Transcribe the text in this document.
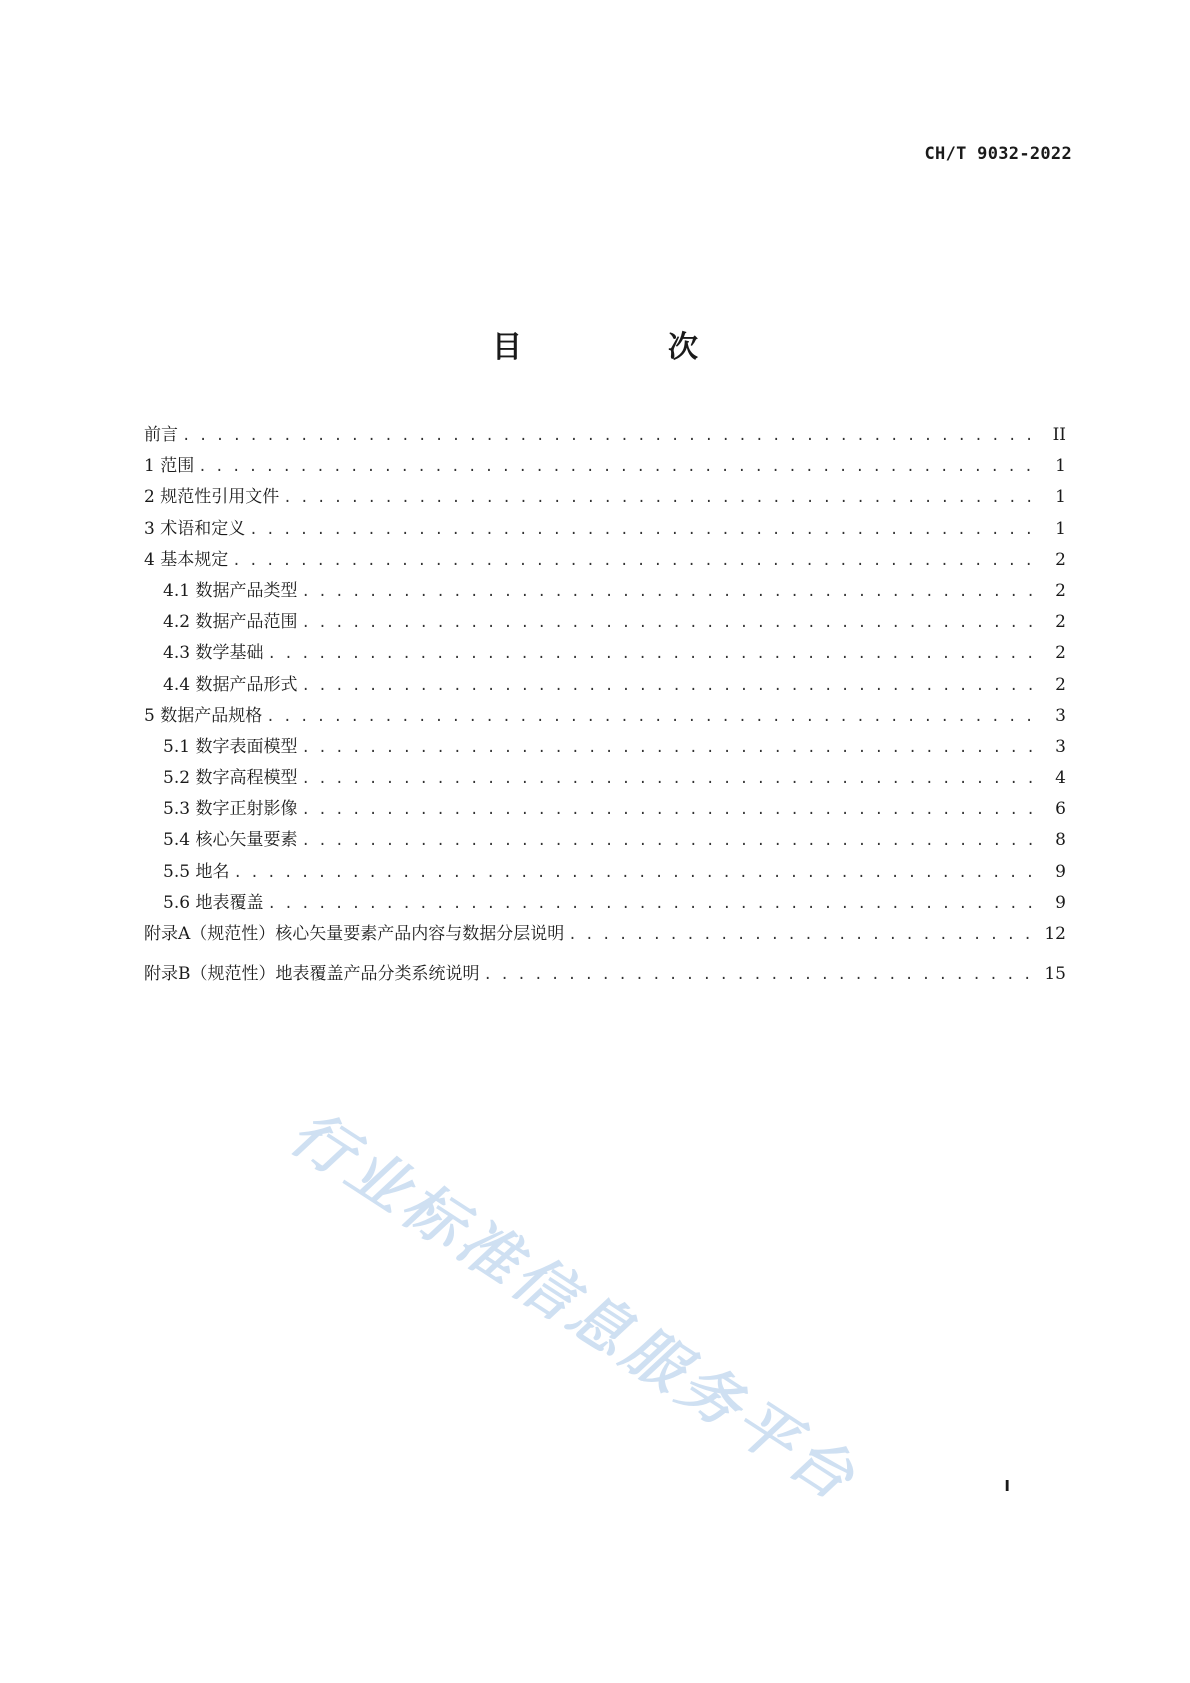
CH/T 9032-2022
目　次
前言 . . .	II
1 范围 . . .	1
2 规范性引用文件 . . .	1
3 术语和定义 . . .	1
4 基本规定 . . .	2
4.1 数据产品类型 . . .	2
4.2 数据产品范围 . . .	2
4.3 数学基础 . . .	2
4.4 数据产品形式 . . .	2
5 数据产品规格 . . .	3
5.1 数字表面模型 . . .	3
5.2 数字高程模型 . . .	4
5.3 数字正射影像 . . .	6
5.4 核心矢量要素 . . .	8
5.5 地名 . . .	9
5.6 地表覆盖 . . .	9
附录A（规范性）核心矢量要素产品内容与数据分层说明 . . .	12
附录B（规范性）地表覆盖产品分类系统说明 . . .	15
行业标准信息服务平台	I
